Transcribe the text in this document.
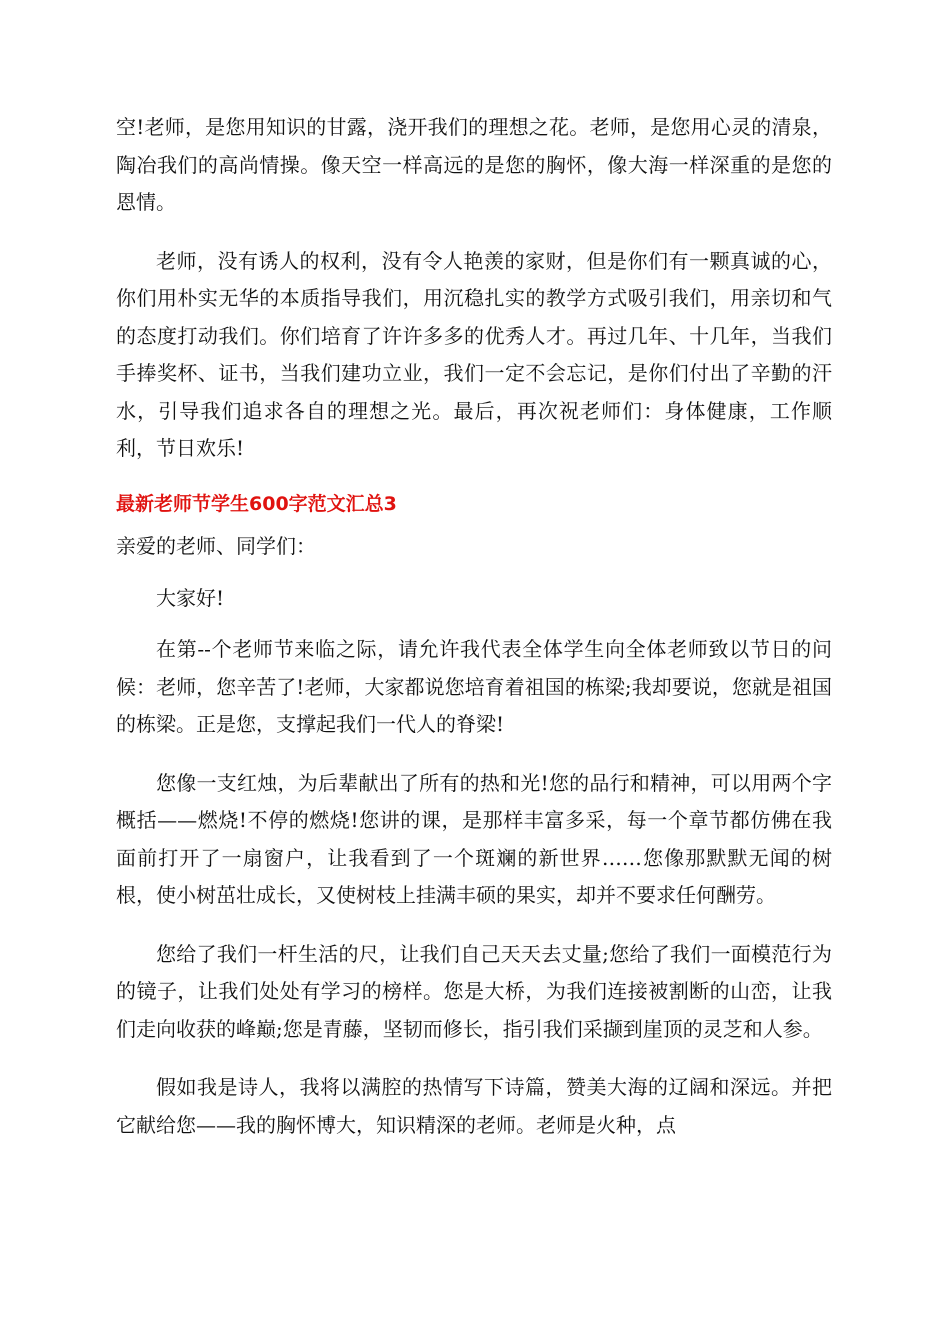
空!老师，是您用知识的甘露，浇开我们的理想之花。老师，是您用心灵的清泉，陶冶我们的高尚情操。像天空一样高远的是您的胸怀，像大海一样深重的是您的恩情。

老师，没有诱人的权利，没有令人艳羡的家财，但是你们有一颗真诚的心，你们用朴实无华的本质指导我们，用沉稳扎实的教学方式吸引我们，用亲切和气的态度打动我们。你们培育了许许多多的优秀人才。再过几年、十几年，当我们手捧奖杯、证书，当我们建功立业，我们一定不会忘记，是你们付出了辛勤的汗水，引导我们追求各自的理想之光。最后，再次祝老师们：身体健康，工作顺利，节日欢乐!

最新老师节学生600字范文汇总3

亲爱的老师、同学们：

大家好!

在第--个老师节来临之际，请允许我代表全体学生向全体老师致以节日的问候：老师，您辛苦了!老师，大家都说您培育着祖国的栋梁;我却要说，您就是祖国的栋梁。正是您，支撑起我们一代人的脊梁!

您像一支红烛，为后辈献出了所有的热和光!您的品行和精神，可以用两个字概括——燃烧!不停的燃烧!您讲的课，是那样丰富多采，每一个章节都仿佛在我面前打开了一扇窗户，让我看到了一个斑斓的新世界……您像那默默无闻的树根，使小树茁壮成长，又使树枝上挂满丰硕的果实，却并不要求任何酬劳。

您给了我们一杆生活的尺，让我们自己天天去丈量;您给了我们一面模范行为的镜子，让我们处处有学习的榜样。您是大桥，为我们连接被割断的山峦，让我们走向收获的峰巅;您是青藤，坚韧而修长，指引我们采撷到崖顶的灵芝和人参。

假如我是诗人，我将以满腔的热情写下诗篇，赞美大海的辽阔和深远。并把它献给您——我的胸怀博大，知识精深的老师。老师是火种，点
